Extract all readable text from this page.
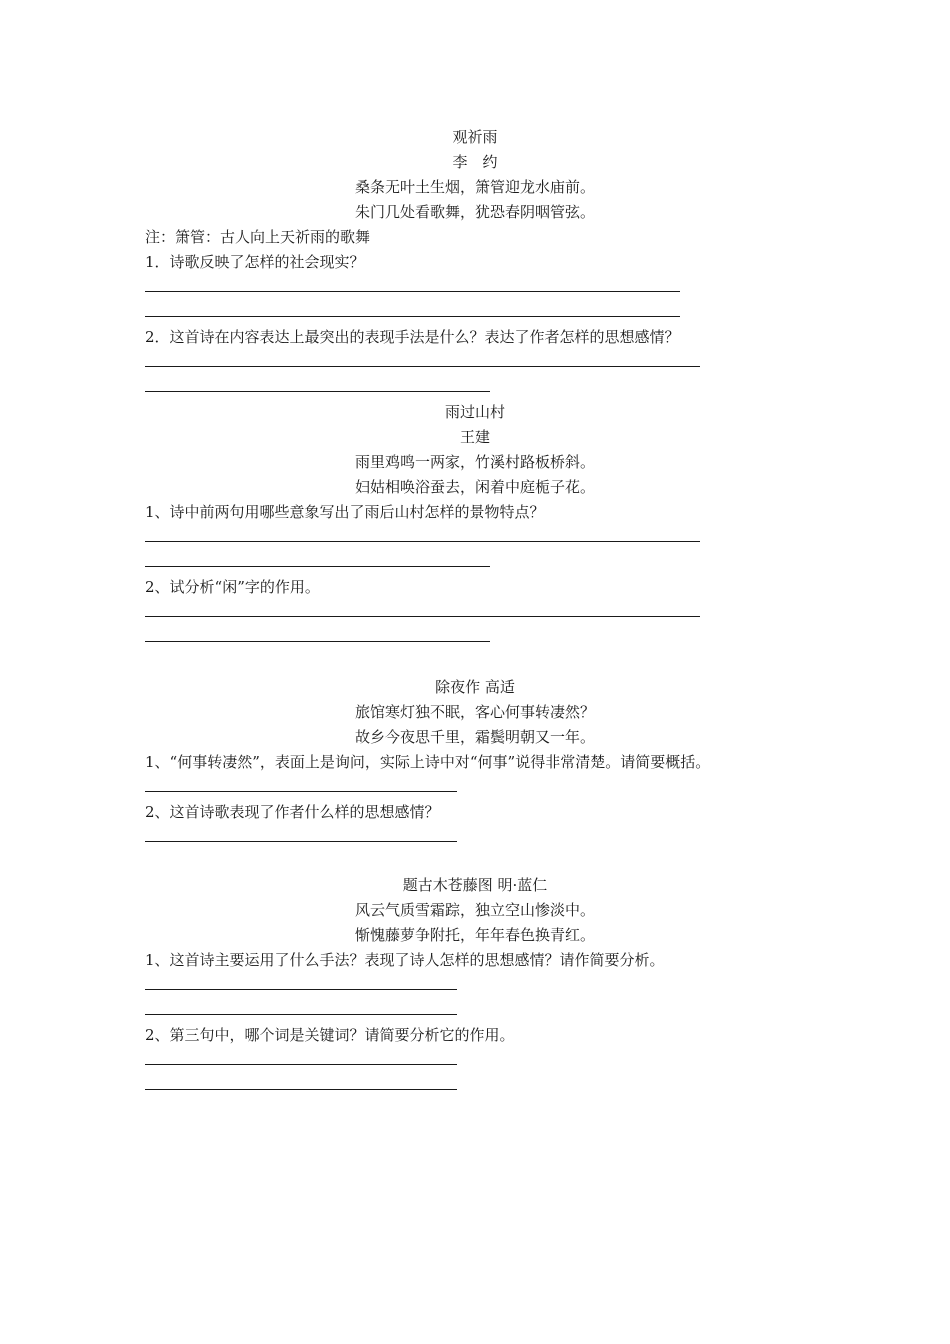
观祈雨
李　约
桑条无叶土生烟，箫管迎龙水庙前。
朱门几处看歌舞，犹恐春阴咽管弦。
注：箫管：古人向上天祈雨的歌舞
1．诗歌反映了怎样的社会现实？
2．这首诗在内容表达上最突出的表现手法是什么？表达了作者怎样的思想感情？
雨过山村
王建
雨里鸡鸣一两家，竹溪村路板桥斜。
妇姑相唤浴蚕去，闲着中庭栀子花。
1、诗中前两句用哪些意象写出了雨后山村怎样的景物特点？
2、试分析“闲”字的作用。
除夜作 高适
旅馆寒灯独不眠，客心何事转凄然？
故乡今夜思千里，霜鬓明朝又一年。
1、“何事转凄然”，表面上是询问，实际上诗中对“何事”说得非常清楚。请简要概括。
2、这首诗歌表现了作者什么样的思想感情？
题古木苍藤图 明·蓝仁
风云气质雪霜踪，独立空山惨淡中。
惭愧藤萝争附托，年年春色换青红。
1、这首诗主要运用了什么手法？表现了诗人怎样的思想感情？请作简要分析。
2、第三句中，哪个词是关键词？请简要分析它的作用。
